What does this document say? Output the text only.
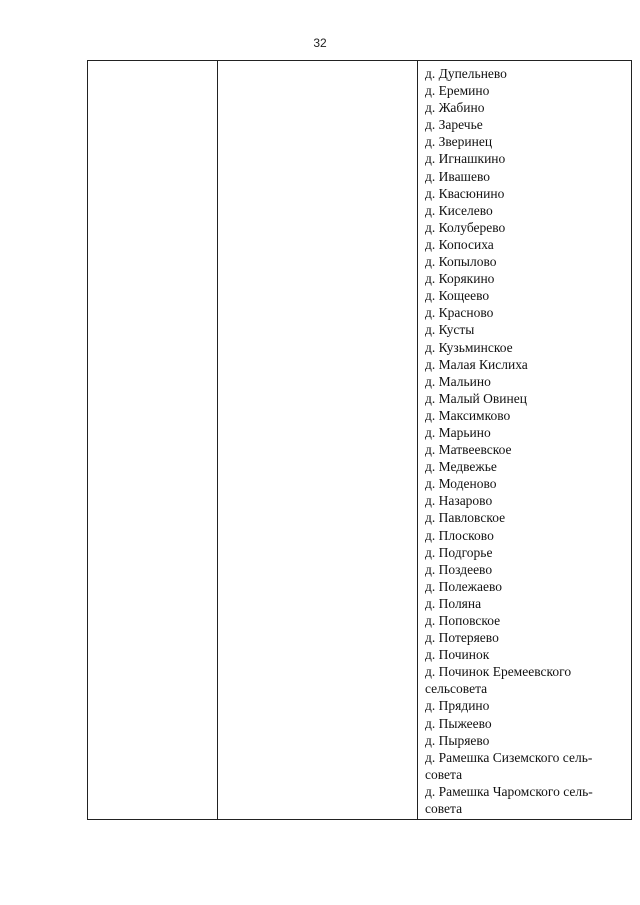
32
д. Дупельнево
д. Еремино
д. Жабино
д. Заречье
д. Зверинец
д. Игнашкино
д. Ивашево
д. Квасюнино
д. Киселево
д. Колуберево
д. Копосиха
д. Копылово
д. Корякино
д. Кощеево
д. Красново
д. Кусты
д. Кузьминское
д. Малая Кислиха
д. Мальино
д. Малый Овинец
д. Максимково
д. Марьино
д. Матвеевское
д. Медвежье
д. Моденово
д. Назарово
д. Павловское
д. Плосково
д. Подгорье
д. Поздеево
д. Полежаево
д. Поляна
д. Поповское
д. Потеряево
д. Починок
д. Починок Еремеевского сельсовета
д. Прядино
д. Пыжеево
д. Пыряево
д. Рамешка Сиземского сель-совета
д. Рамешка Чаромского сель-совета
